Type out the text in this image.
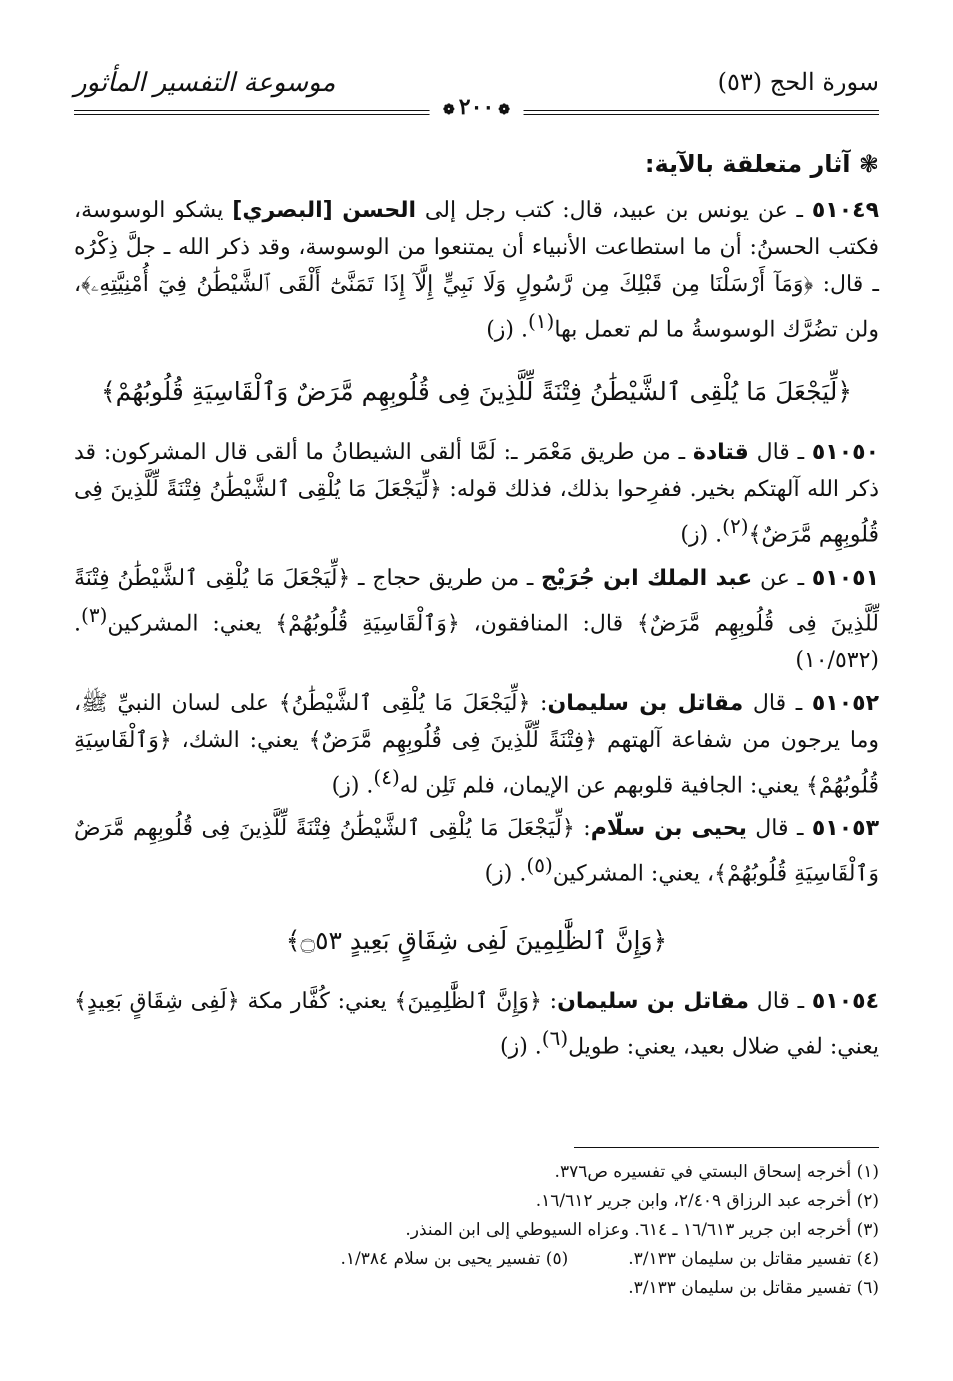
موسوعة التفسير المأثور	سورة الحج (٥٣)
❁ ٢٠٠ ❁
❃ آثار متعلقة بالآية:

٥١٠٤٩ ـ عن يونس بن عبيد، قال: كتب رجل إلى الحسن [البصري] يشكو الوسوسة، فكتب الحسنُ: أن ما استطاعت الأنبياء أن يمتنعوا من الوسوسة، وقد ذكر الله ـ جلَّ ذِكْرُه ـ قال: ﴿وَمَآ أَرْسَلْنَا مِن قَبْلِكَ مِن رَّسُولٍ وَلَا نَبِيٍّ إِلَّآ إِذَا تَمَنَّىٰٓ أَلْقَى ٱلشَّيْطَٰنُ فِيٓ أُمْنِيَّتِهِۦ﴾، ولن تضُرَّك الوسوسةُ ما لم تعمل بها$^{(١)}$. (ز)

﴿لِّيَجْعَلَ مَا يُلْقِى ٱلشَّيْطَٰنُ فِتْنَةً لِّلَّذِينَ فِى قُلُوبِهِم مَّرَضٌ وَٱلْقَاسِيَةِ قُلُوبُهُمْ﴾

٥١٠٥٠ ـ قال قتادة ـ من طريق مَعْمَر ـ: لَمَّا ألقى الشيطانُ ما ألقى قال المشركون: قد ذكر الله آلهتكم بخير. ففرِحوا بذلك، فذلك قوله: ﴿لِّيَجْعَلَ مَا يُلْقِى ٱلشَّيْطَٰنُ فِتْنَةً لِّلَّذِينَ فِى قُلُوبِهِم مَّرَضٌ﴾$^{(٢)}$. (ز)

٥١٠٥١ ـ عن عبد الملك ابن جُرَيْج ـ من طريق حجاج ـ ﴿لِّيَجْعَلَ مَا يُلْقِى ٱلشَّيْطَٰنُ فِتْنَةً لِّلَّذِينَ فِى قُلُوبِهِم مَّرَضٌ﴾ قال: المنافقون، ﴿وَٱلْقَاسِيَةِ قُلُوبُهُمْ﴾ يعني: المشركين$^{(٣)}$. (١٠/٥٣٢)

٥١٠٥٢ ـ قال مقاتل بن سليمان: ﴿لِّيَجْعَلَ مَا يُلْقِى ٱلشَّيْطَٰنُ﴾ على لسان النبيِّ ﷺ، وما يرجون من شفاعة آلهتهم ﴿فِتْنَةً لِّلَّذِينَ فِى قُلُوبِهِم مَّرَضٌ﴾ يعني: الشك، ﴿وَٱلْقَاسِيَةِ قُلُوبُهُمْ﴾ يعني: الجافية قلوبهم عن الإيمان، فلم تَلِن له$^{(٤)}$. (ز)

٥١٠٥٣ ـ قال يحيى بن سلّام: ﴿لِّيَجْعَلَ مَا يُلْقِى ٱلشَّيْطَٰنُ فِتْنَةً لِّلَّذِينَ فِى قُلُوبِهِم مَّرَضٌ وَٱلْقَاسِيَةِ قُلُوبُهُمْ﴾، يعني: المشركين$^{(٥)}$. (ز)

﴿وَإِنَّ ٱلظَّٰلِمِينَ لَفِى شِقَاقٍ بَعِيدٍ ۝٥٣﴾

٥١٠٥٤ ـ قال مقاتل بن سليمان: ﴿وَإِنَّ ٱلظَّٰلِمِينَ﴾ يعني: كُفَّار مكة ﴿لَفِى شِقَاقٍ بَعِيدٍ﴾ يعني: لفي ضلال بعيد، يعني: طويل$^{(٦)}$. (ز)

(١) أخرجه إسحاق البستي في تفسيره ص٣٧٦.
(٢) أخرجه عبد الرزاق ٢/٤٠٩، وابن جرير ١٦/٦١٢.
(٣) أخرجه ابن جرير ١٦/٦١٣ ـ ٦١٤. وعزاه السيوطي إلى ابن المنذر.
(٤) تفسير مقاتل بن سليمان ٣/١٣٣.
(٥) تفسير يحيى بن سلام ١/٣٨٤.
(٦) تفسير مقاتل بن سليمان ٣/١٣٣.
